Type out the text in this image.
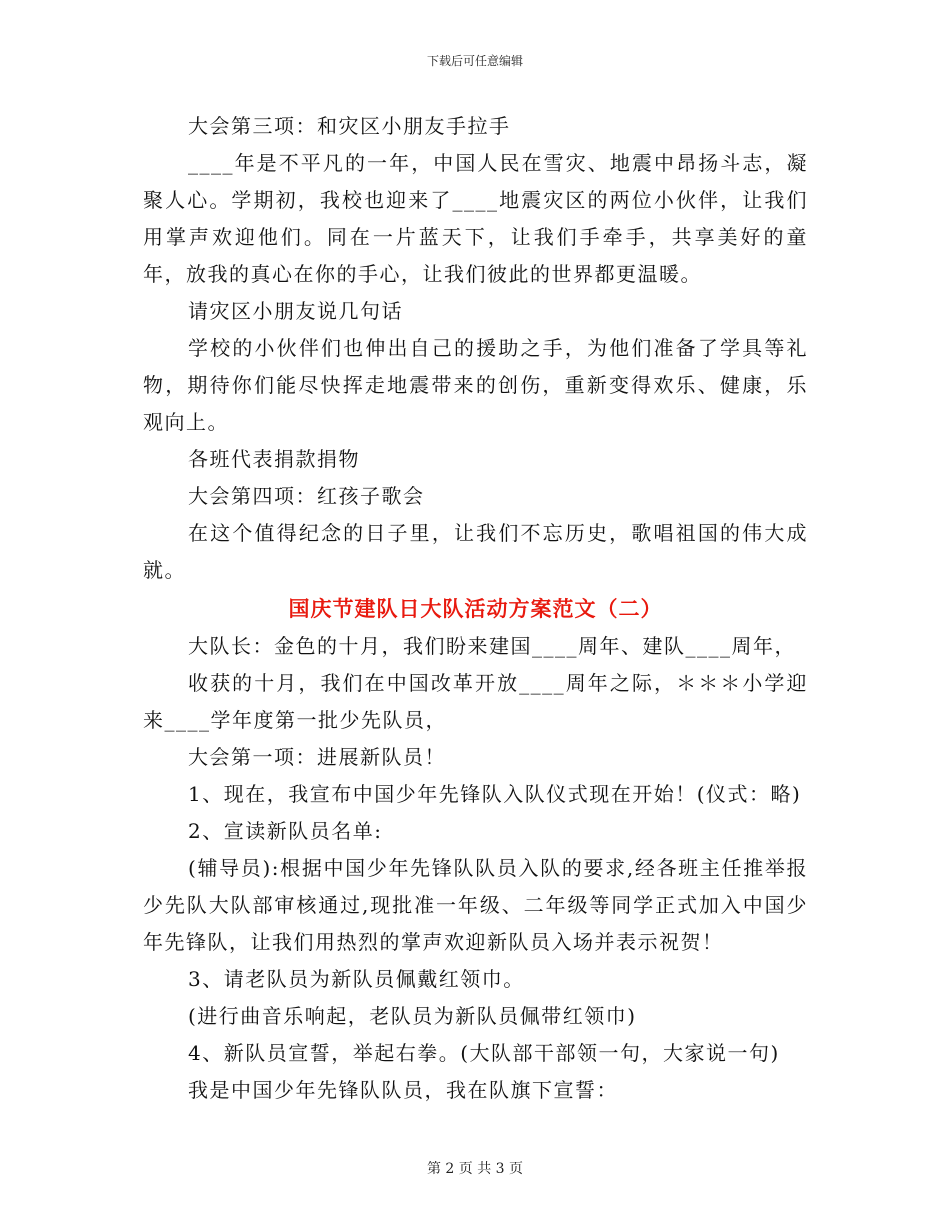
下载后可任意编辑

大会第三项：和灾区小朋友手拉手

____年是不平凡的一年，中国人民在雪灾、地震中昂扬斗志，凝聚人心。学期初，我校也迎来了____地震灾区的两位小伙伴，让我们用掌声欢迎他们。同在一片蓝天下，让我们手牵手，共享美好的童年，放我的真心在你的手心，让我们彼此的世界都更温暖。

请灾区小朋友说几句话

学校的小伙伴们也伸出自己的援助之手，为他们准备了学具等礼物，期待你们能尽快挥走地震带来的创伤，重新变得欢乐、健康，乐观向上。

各班代表捐款捐物

大会第四项：红孩子歌会

在这个值得纪念的日子里，让我们不忘历史，歌唱祖国的伟大成就。

国庆节建队日大队活动方案范文（二）

大队长：金色的十月，我们盼来建国____周年、建队____周年，

收获的十月，我们在中国改革开放____周年之际，＊＊＊小学迎来____学年度第一批少先队员，

大会第一项：进展新队员！

1、现在，我宣布中国少年先锋队入队仪式现在开始！(仪式：略)

2、宣读新队员名单:

(辅导员):根据中国少年先锋队队员入队的要求,经各班主任推举报少先队大队部审核通过,现批准一年级、二年级等同学正式加入中国少年先锋队，让我们用热烈的掌声欢迎新队员入场并表示祝贺！

3、请老队员为新队员佩戴红领巾。

(进行曲音乐响起，老队员为新队员佩带红领巾)

4、新队员宣誓，举起右拳。(大队部干部领一句，大家说一句)

我是中国少年先锋队队员，我在队旗下宣誓：

第 2 页 共 3 页
